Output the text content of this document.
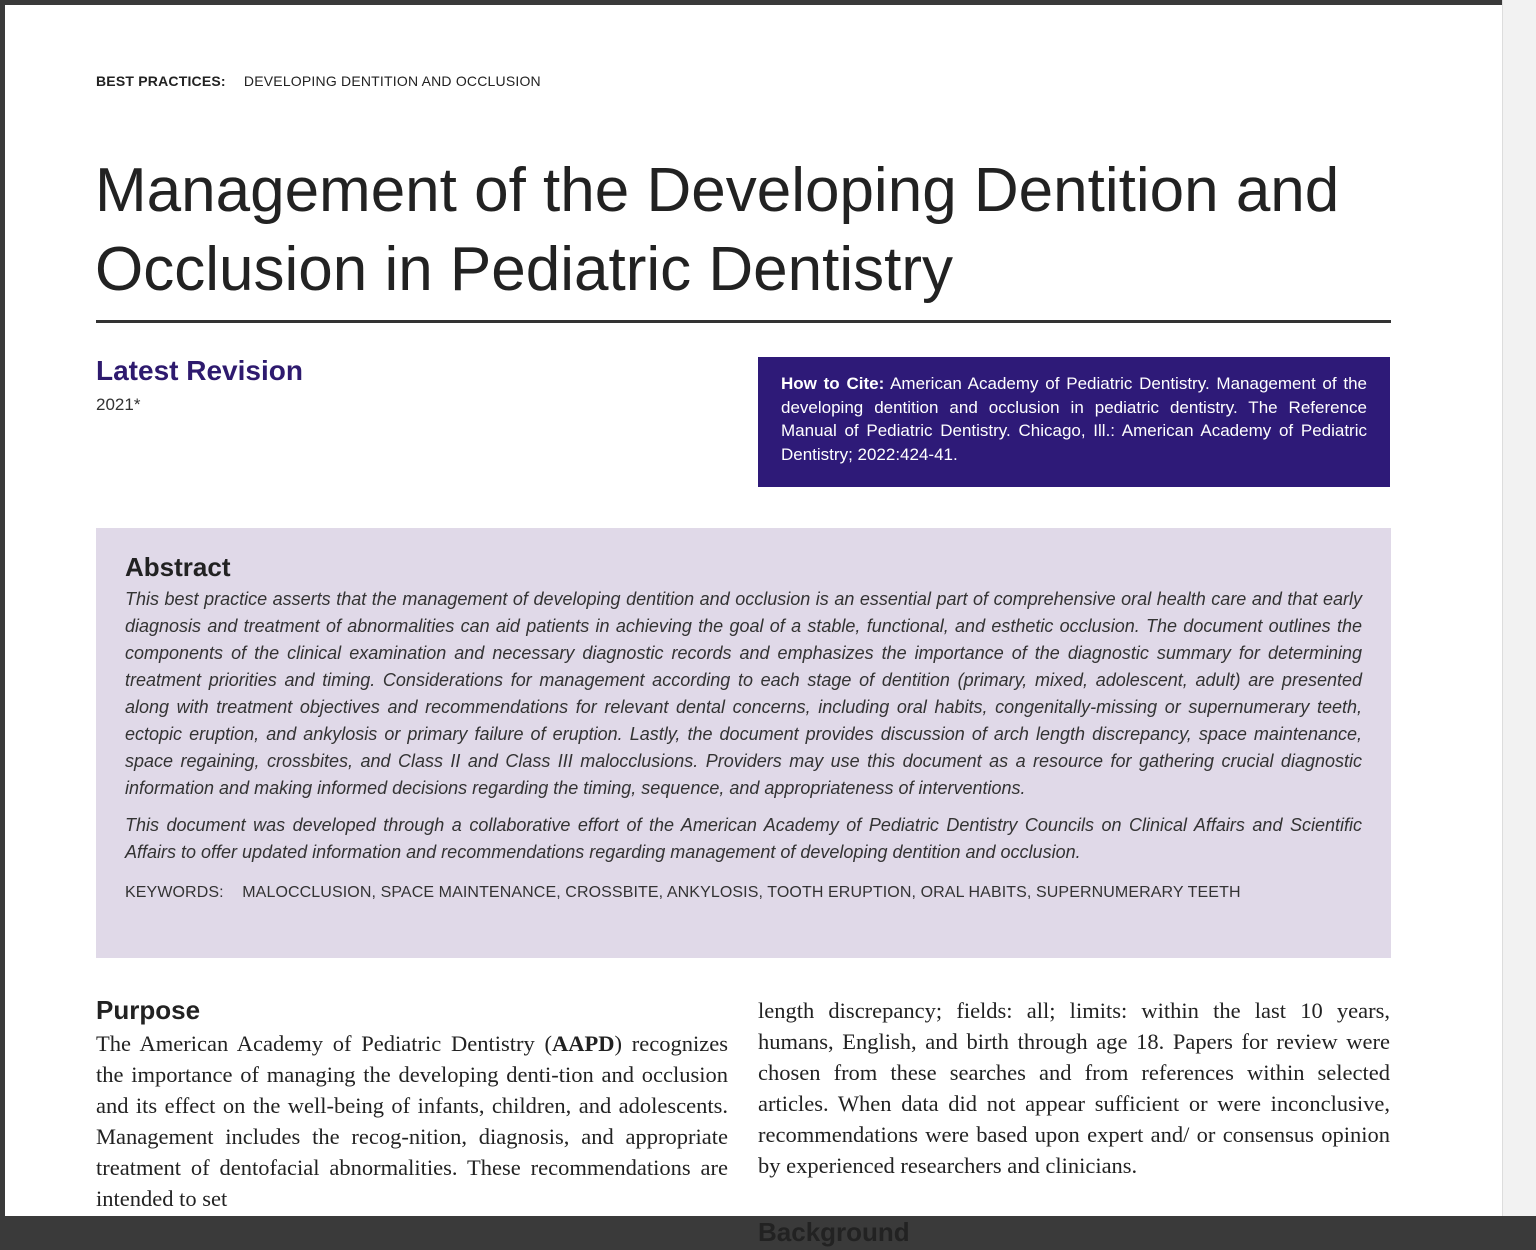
BEST PRACTICES: DEVELOPING DENTITION AND OCCLUSION
Management of the Developing Dentition and
Occlusion in Pediatric Dentistry
Latest Revision
2021*
How to Cite: American Academy of Pediatric Dentistry. Management of the developing dentition and occlusion in pediatric dentistry. The Reference Manual of Pediatric Dentistry. Chicago, Ill.: American Academy of Pediatric Dentistry; 2022:424-41.
Abstract

This best practice asserts that the management of developing dentition and occlusion is an essential part of comprehensive oral health care and that early diagnosis and treatment of abnormalities can aid patients in achieving the goal of a stable, functional, and esthetic occlusion. The document outlines the components of the clinical examination and necessary diagnostic records and emphasizes the importance of the diagnostic summary for determining treatment priorities and timing. Considerations for management according to each stage of dentition (primary, mixed, adolescent, adult) are presented along with treatment objectives and recommendations for relevant dental concerns, including oral habits, congenitally-missing or supernumerary teeth, ectopic eruption, and ankylosis or primary failure of eruption. Lastly, the document provides discussion of arch length discrepancy, space maintenance, space regaining, crossbites, and Class II and Class III malocclusions. Providers may use this document as a resource for gathering crucial diagnostic information and making informed decisions regarding the timing, sequence, and appropriateness of interventions.

This document was developed through a collaborative effort of the American Academy of Pediatric Dentistry Councils on Clinical Affairs and Scientific Affairs to offer updated information and recommendations regarding management of developing dentition and occlusion.

KEYWORDS: MALOCCLUSION, SPACE MAINTENANCE, CROSSBITE, ANKYLOSIS, TOOTH ERUPTION, ORAL HABITS, SUPERNUMERARY TEETH
Purpose

The American Academy of Pediatric Dentistry (AAPD) recognizes the importance of managing the developing denti-tion and occlusion and its effect on the well-being of infants, children, and adolescents. Management includes the recog-nition, diagnosis, and appropriate treatment of dentofacial abnormalities. These recommendations are intended to set

length discrepancy; fields: all; limits: within the last 10 years, humans, English, and birth through age 18. Papers for review were chosen from these searches and from references within selected articles. When data did not appear sufficient or were inconclusive, recommendations were based upon expert and/ or consensus opinion by experienced researchers and clinicians.

Background
